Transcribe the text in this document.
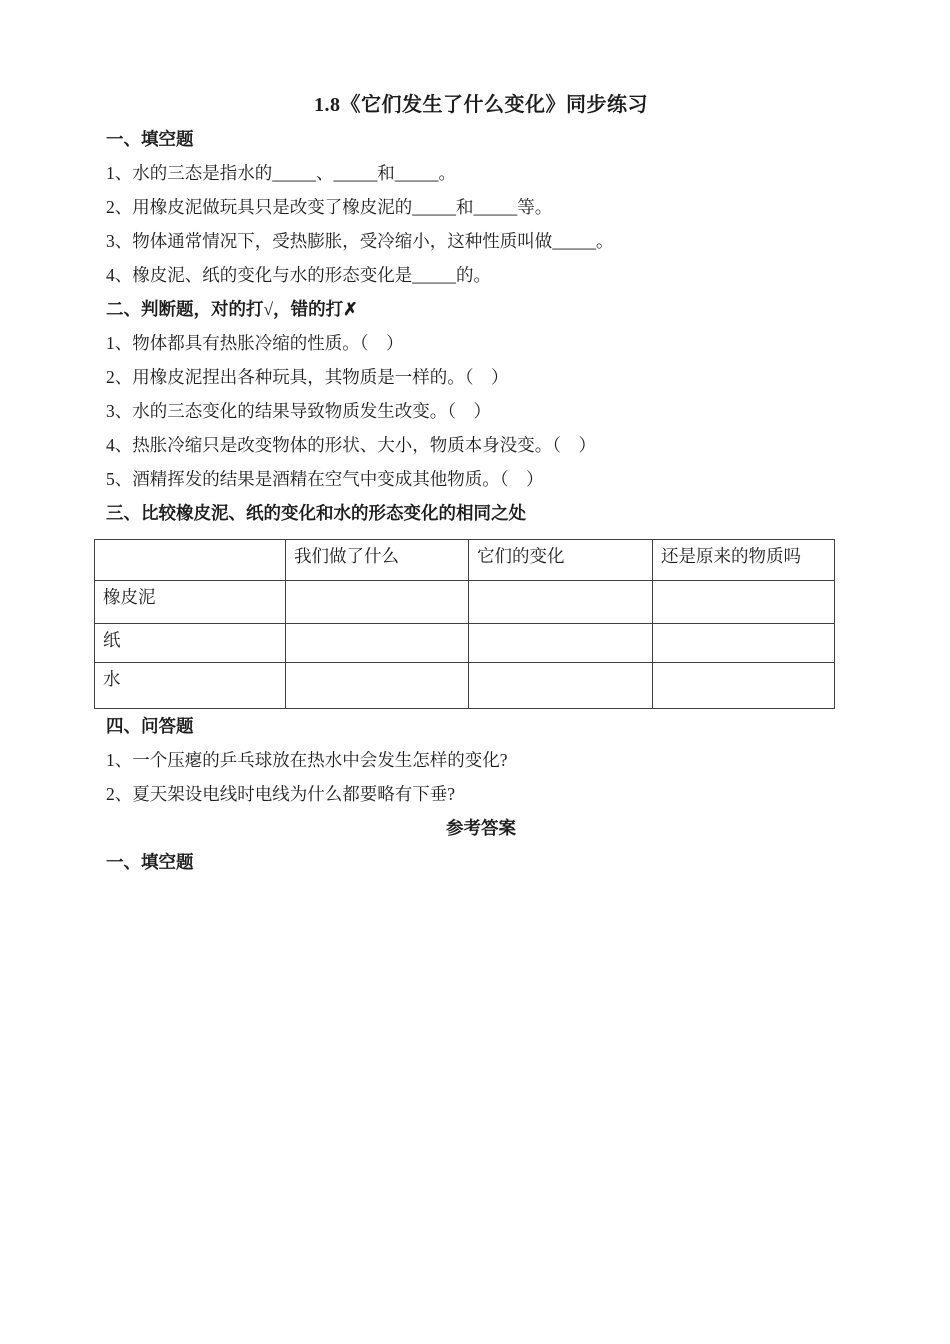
1.8《它们发生了什么变化》同步练习

一、填空题

1、水的三态是指水的_____、_____和_____。

2、用橡皮泥做玩具只是改变了橡皮泥的_____和_____等。

3、物体通常情况下，受热膨胀，受冷缩小，这种性质叫做_____。

4、橡皮泥、纸的变化与水的形态变化是_____的。

二、判断题，对的打√，错的打✗

1、物体都具有热胀冷缩的性质。（　）

2、用橡皮泥捏出各种玩具，其物质是一样的。（　）

3、水的三态变化的结果导致物质发生改变。（　）

4、热胀冷缩只是改变物体的形状、大小，物质本身没变。（　）

5、酒精挥发的结果是酒精在空气中变成其他物质。（　）

三、比较橡皮泥、纸的变化和水的形态变化的相同之处

	我们做了什么	它们的变化	还是原来的物质吗
橡皮泥			
纸			
水			

四、问答题

1、一个压瘪的乒乓球放在热水中会发生怎样的变化?

2、夏天架设电线时电线为什么都要略有下垂?

参考答案

一、填空题
